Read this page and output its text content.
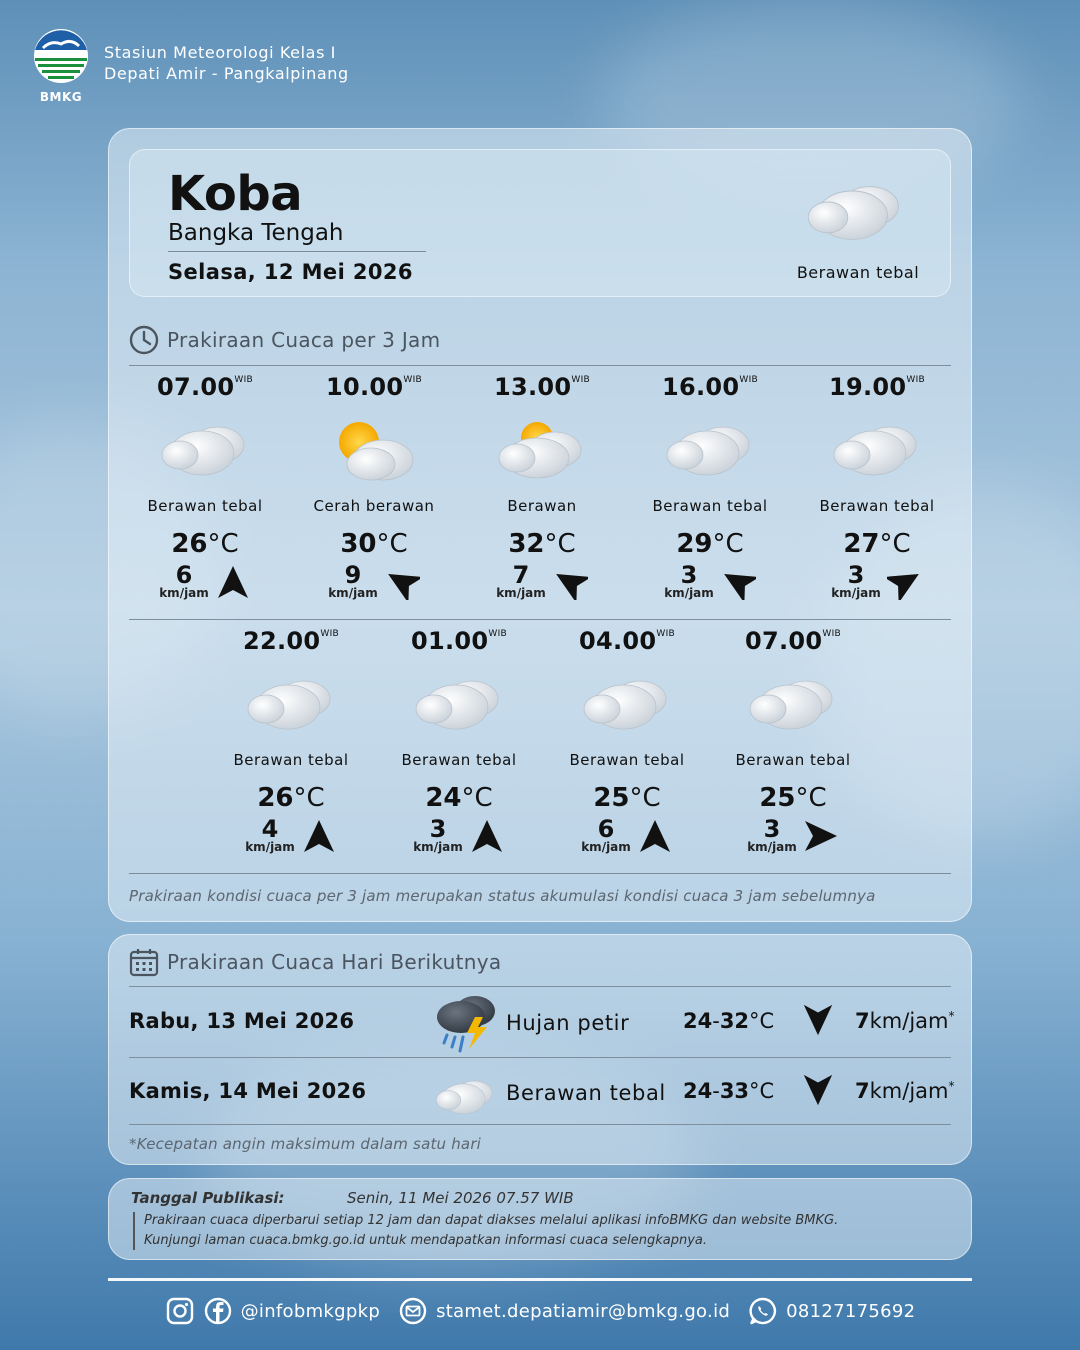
BMKG
Stasiun Meteorologi Kelas I
Depati Amir - Pangkalpinang
Koba
Bangka Tengah
Selasa, 12 Mei 2026	Berawan tebal
Prakiraan Cuaca per 3 Jam
$07.00^{WIB}$
Berawan tebal
26°C
6
km/jam
$10.00^{WIB}$
Cerah berawan
30°C
9
km/jam
$13.00^{WIB}$
Berawan
32°C
7
km/jam
$16.00^{WIB}$
Berawan tebal
29°C
3
km/jam
$19.00^{WIB}$
Berawan tebal
27°C
3
km/jam
$22.00^{WIB}$
Berawan tebal
26°C
4
km/jam
$01.00^{WIB}$
Berawan tebal
24°C
3
km/jam
$04.00^{WIB}$
Berawan tebal
25°C
6
km/jam
$07.00^{WIB}$
Berawan tebal
25°C
3
km/jam
Prakiraan kondisi cuaca per 3 jam merupakan status akumulasi kondisi cuaca 3 jam sebelumnya
Prakiraan Cuaca Hari Berikutnya
Rabu, 13 Mei 2026	Hujan petir	24-32°C	7km/jam*
Kamis, 14 Mei 2026	Berawan tebal 24-33°C	7km/jam*
*Kecepatan angin maksimum dalam satu hari
Tanggal Publikasi:	Senin, 11 Mei 2026 07.57 WIB
Prakiraan cuaca diperbarui setiap 12 jam dan dapat diakses melalui aplikasi infoBMKG dan website BMKG.
Kunjungi laman cuaca.bmkg.go.id untuk mendapatkan informasi cuaca selengkapnya.
@infobmkgpkp	stamet.depatiamir@bmkg.go.id	08127175692
